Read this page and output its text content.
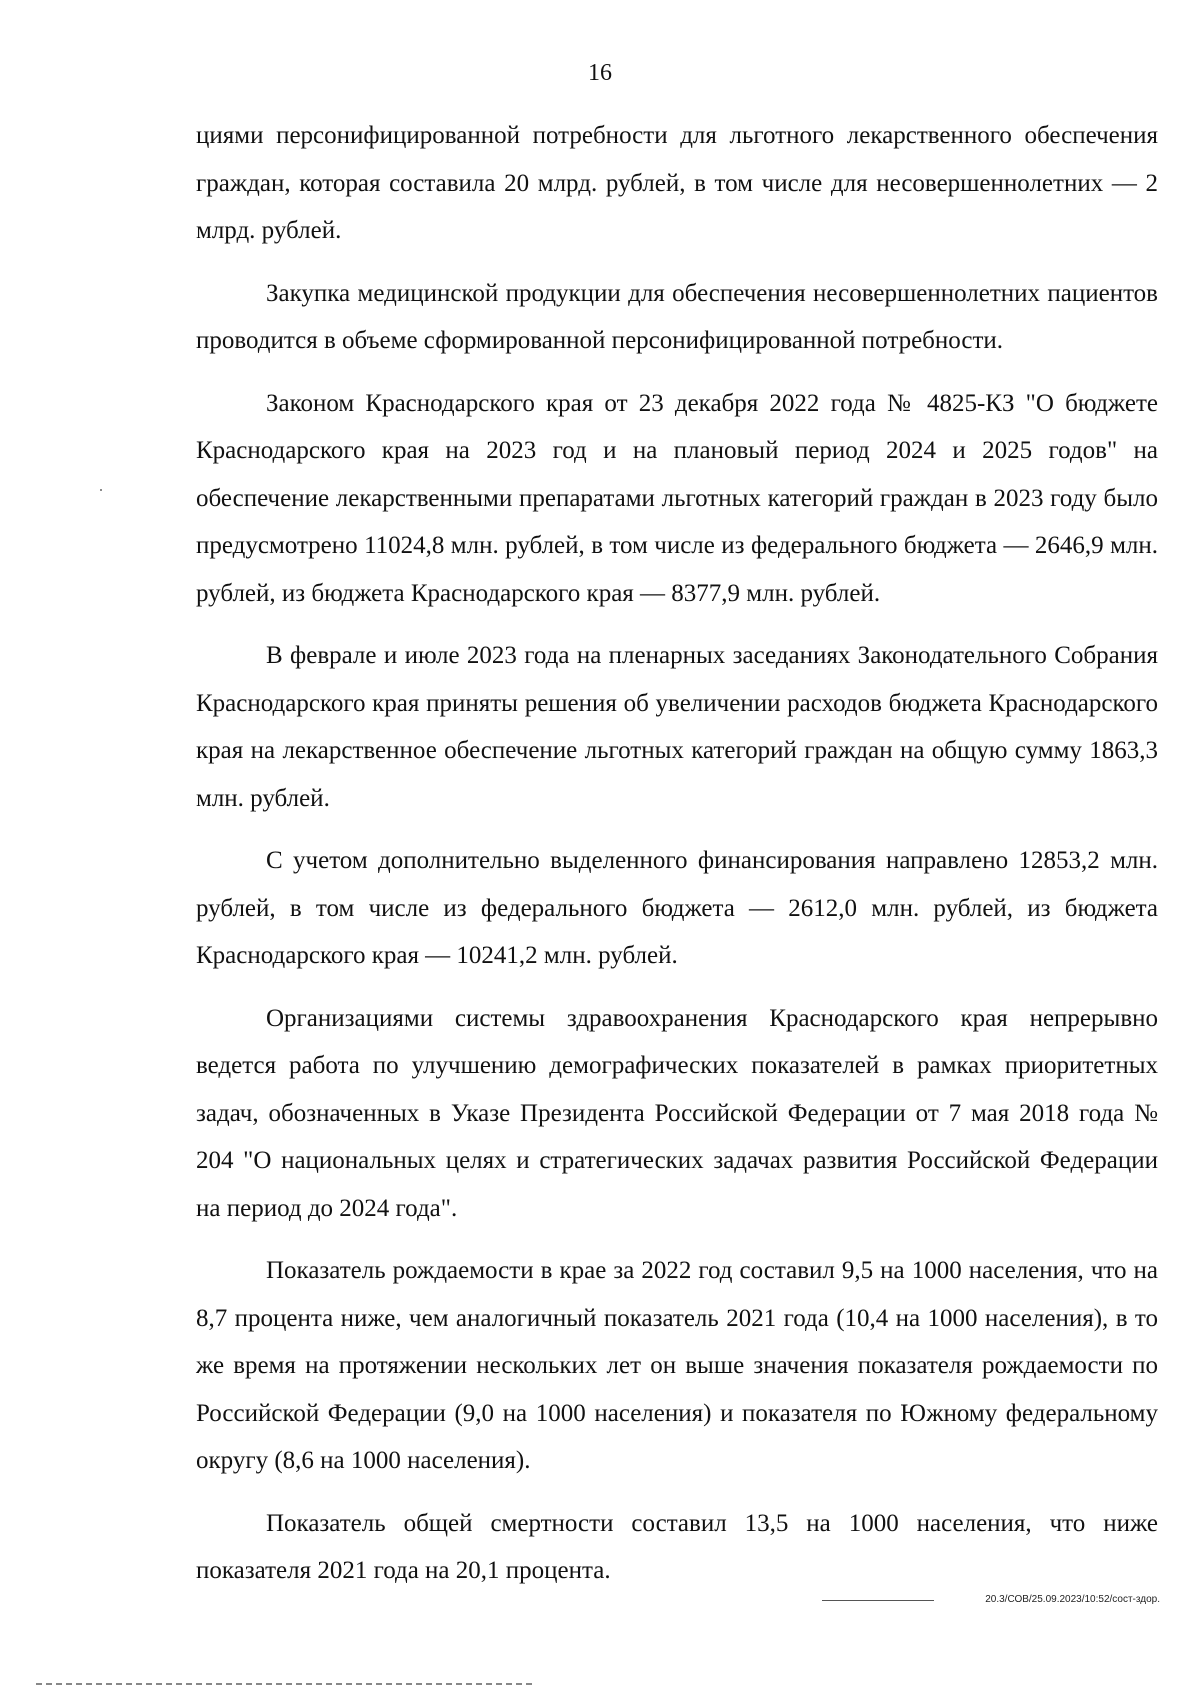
16

циями персонифицированной потребности для льготного лекарственного обеспечения граждан, которая составила 20 млрд. рублей, в том числе для несовершеннолетних — 2 млрд. рублей.

Закупка медицинской продукции для обеспечения несовершеннолетних пациентов проводится в объеме сформированной персонифицированной потребности.

Законом Краснодарского края от 23 декабря 2022 года № 4825-КЗ "О бюджете Краснодарского края на 2023 год и на плановый период 2024 и 2025 годов" на обеспечение лекарственными препаратами льготных категорий граждан в 2023 году было предусмотрено 11024,8 млн. рублей, в том числе из федерального бюджета — 2646,9 млн. рублей, из бюджета Краснодарского края — 8377,9 млн. рублей.

В феврале и июле 2023 года на пленарных заседаниях Законодательного Собрания Краснодарского края приняты решения об увеличении расходов бюджета Краснодарского края на лекарственное обеспечение льготных категорий граждан на общую сумму 1863,3 млн. рублей.

С учетом дополнительно выделенного финансирования направлено 12853,2 млн. рублей, в том числе из федерального бюджета — 2612,0 млн. рублей, из бюджета Краснодарского края — 10241,2 млн. рублей.

Организациями системы здравоохранения Краснодарского края непрерывно ведется работа по улучшению демографических показателей в рамках приоритетных задач, обозначенных в Указе Президента Российской Федерации от 7 мая 2018 года № 204 "О национальных целях и стратегических задачах развития Российской Федерации на период до 2024 года".

Показатель рождаемости в крае за 2022 год составил 9,5 на 1000 населения, что на 8,7 процента ниже, чем аналогичный показатель 2021 года (10,4 на 1000 населения), в то же время на протяжении нескольких лет он выше значения показателя рождаемости по Российской Федерации (9,0 на 1000 населения) и показателя по Южному федеральному округу (8,6 на 1000 населения).

Показатель общей смертности составил 13,5 на 1000 населения, что ниже показателя 2021 года на 20,1 процента.

20.3/СОВ/25.09.2023/10:52/сост-здор.
